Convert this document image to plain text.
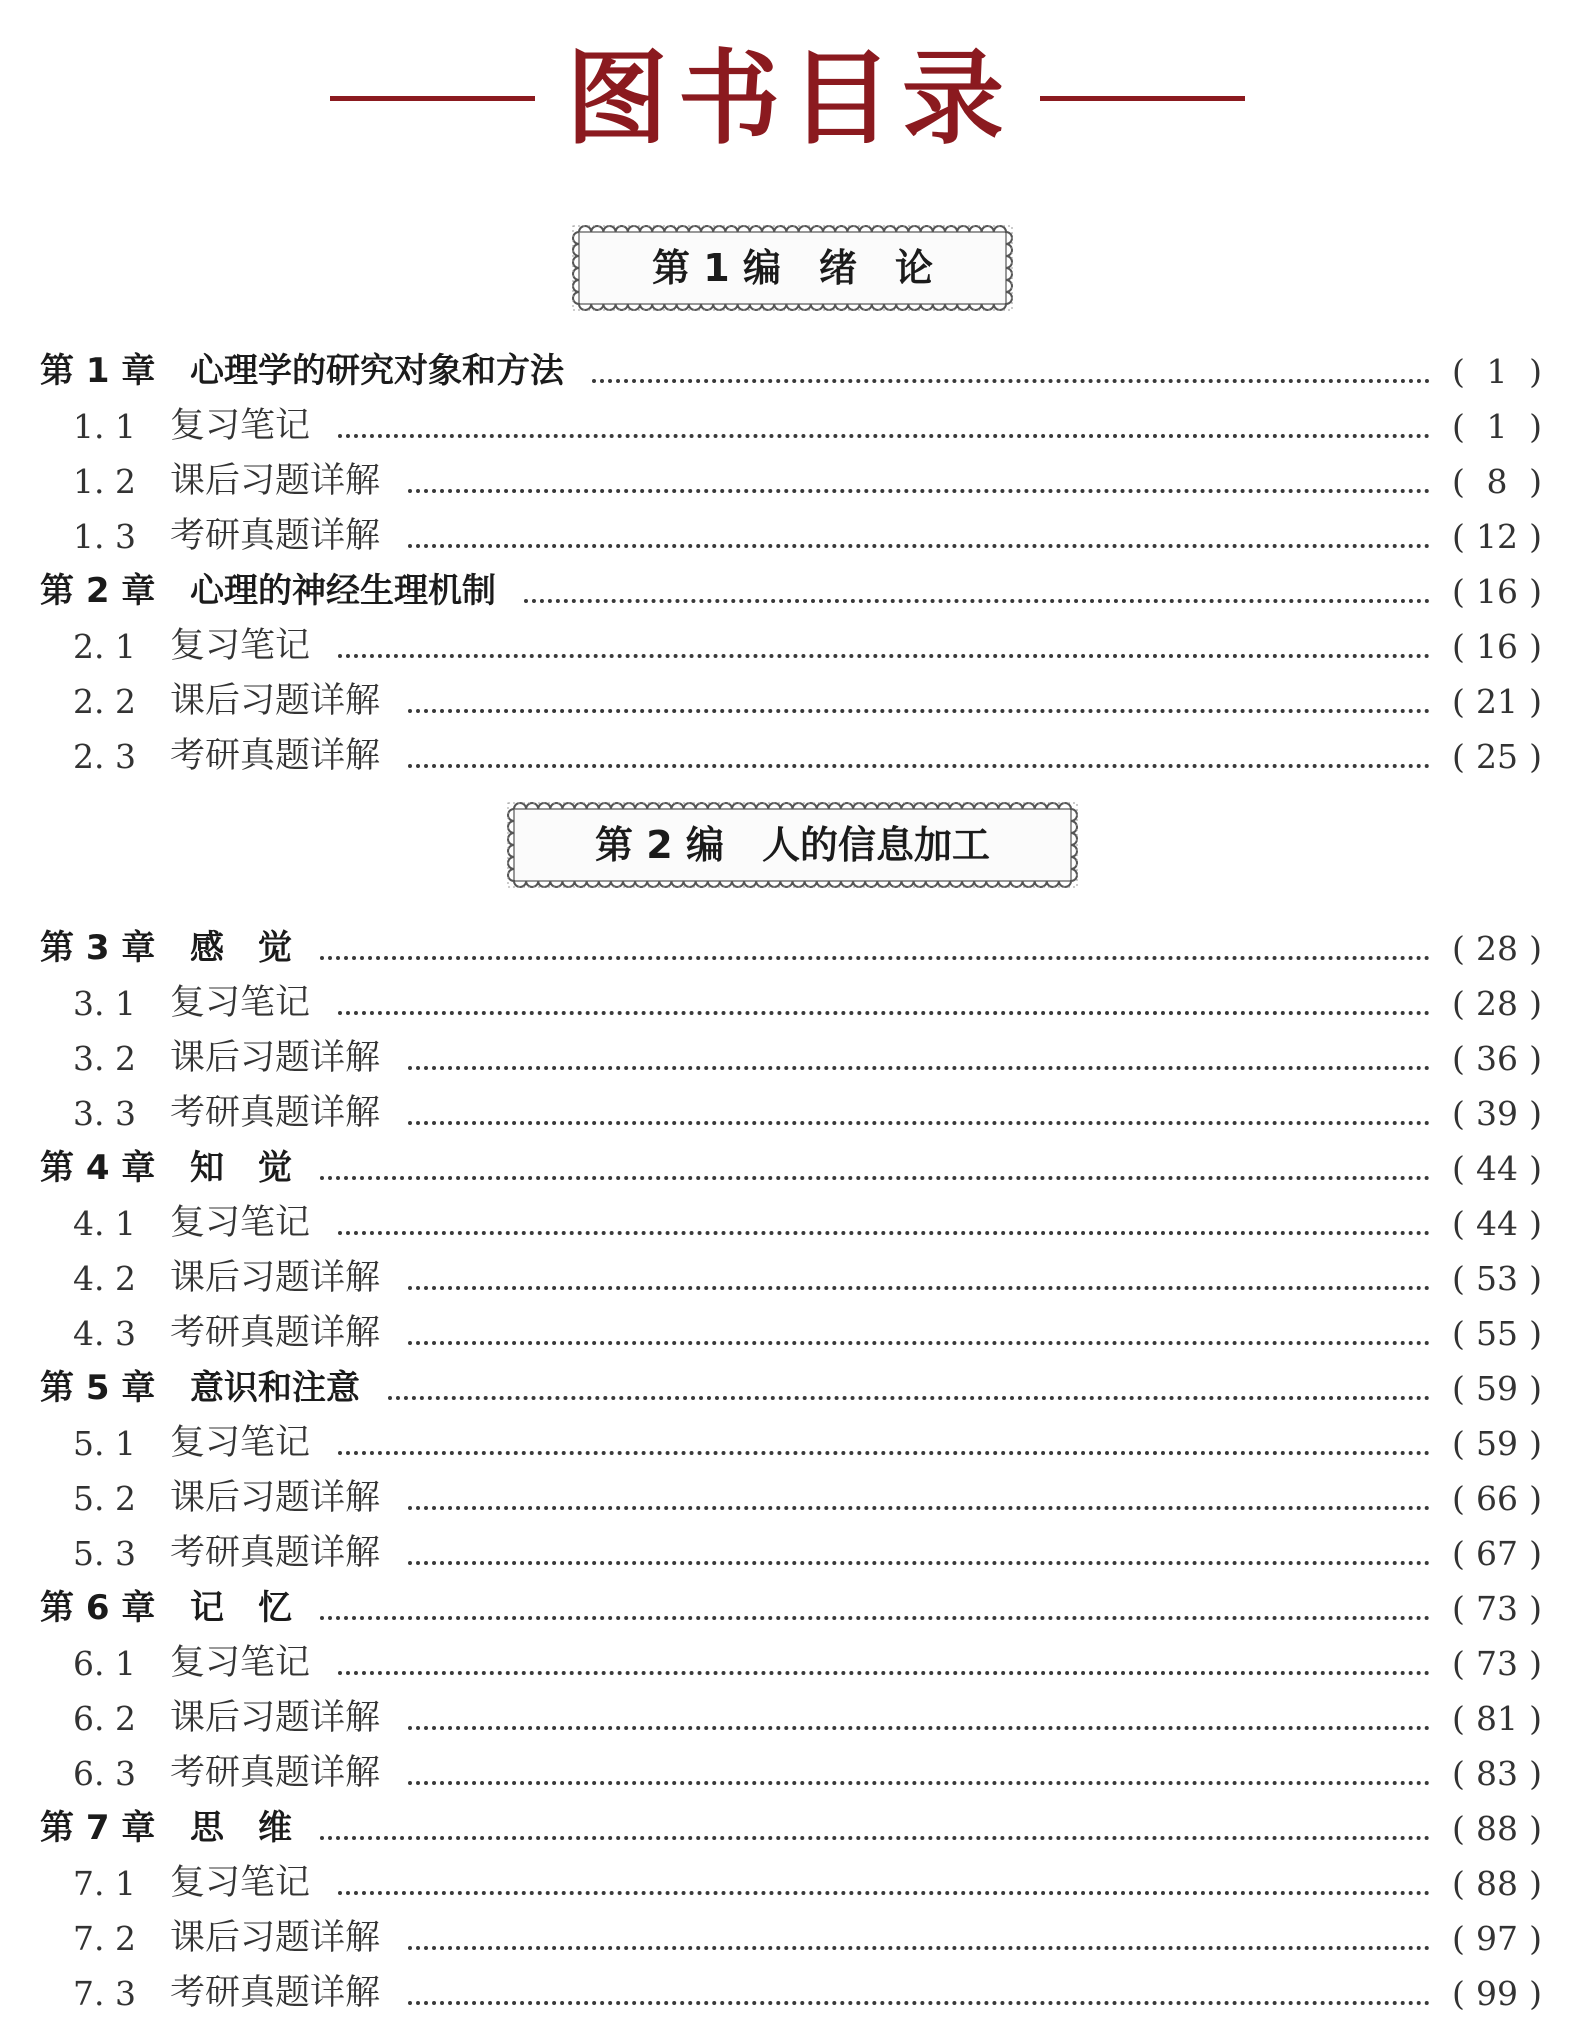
图书目录
第 1 编　绪　论
第 1 章 心理学的研究对象和方法	( 1 )
1. 1 复习笔记	( 1 )
1. 2 课后习题详解	( 8 )
1. 3 考研真题详解	( 12 )
第 2 章 心理的神经生理机制	( 16 )
2. 1 复习笔记	( 16 )
2. 2 课后习题详解	( 21 )
2. 3 考研真题详解	( 25 )
第 2 编　人的信息加工
第 3 章 感　觉	( 28 )
3. 1 复习笔记	( 28 )
3. 2 课后习题详解	( 36 )
3. 3 考研真题详解	( 39 )
第 4 章 知　觉	( 44 )
4. 1 复习笔记	( 44 )
4. 2 课后习题详解	( 53 )
4. 3 考研真题详解	( 55 )
第 5 章 意识和注意	( 59 )
5. 1 复习笔记	( 59 )
5. 2 课后习题详解	( 66 )
5. 3 考研真题详解	( 67 )
第 6 章 记　忆	( 73 )
6. 1 复习笔记	( 73 )
6. 2 课后习题详解	( 81 )
6. 3 考研真题详解	( 83 )
第 7 章 思　维	( 88 )
7. 1 复习笔记	( 88 )
7. 2 课后习题详解	( 97 )
7. 3 考研真题详解	( 99 )
